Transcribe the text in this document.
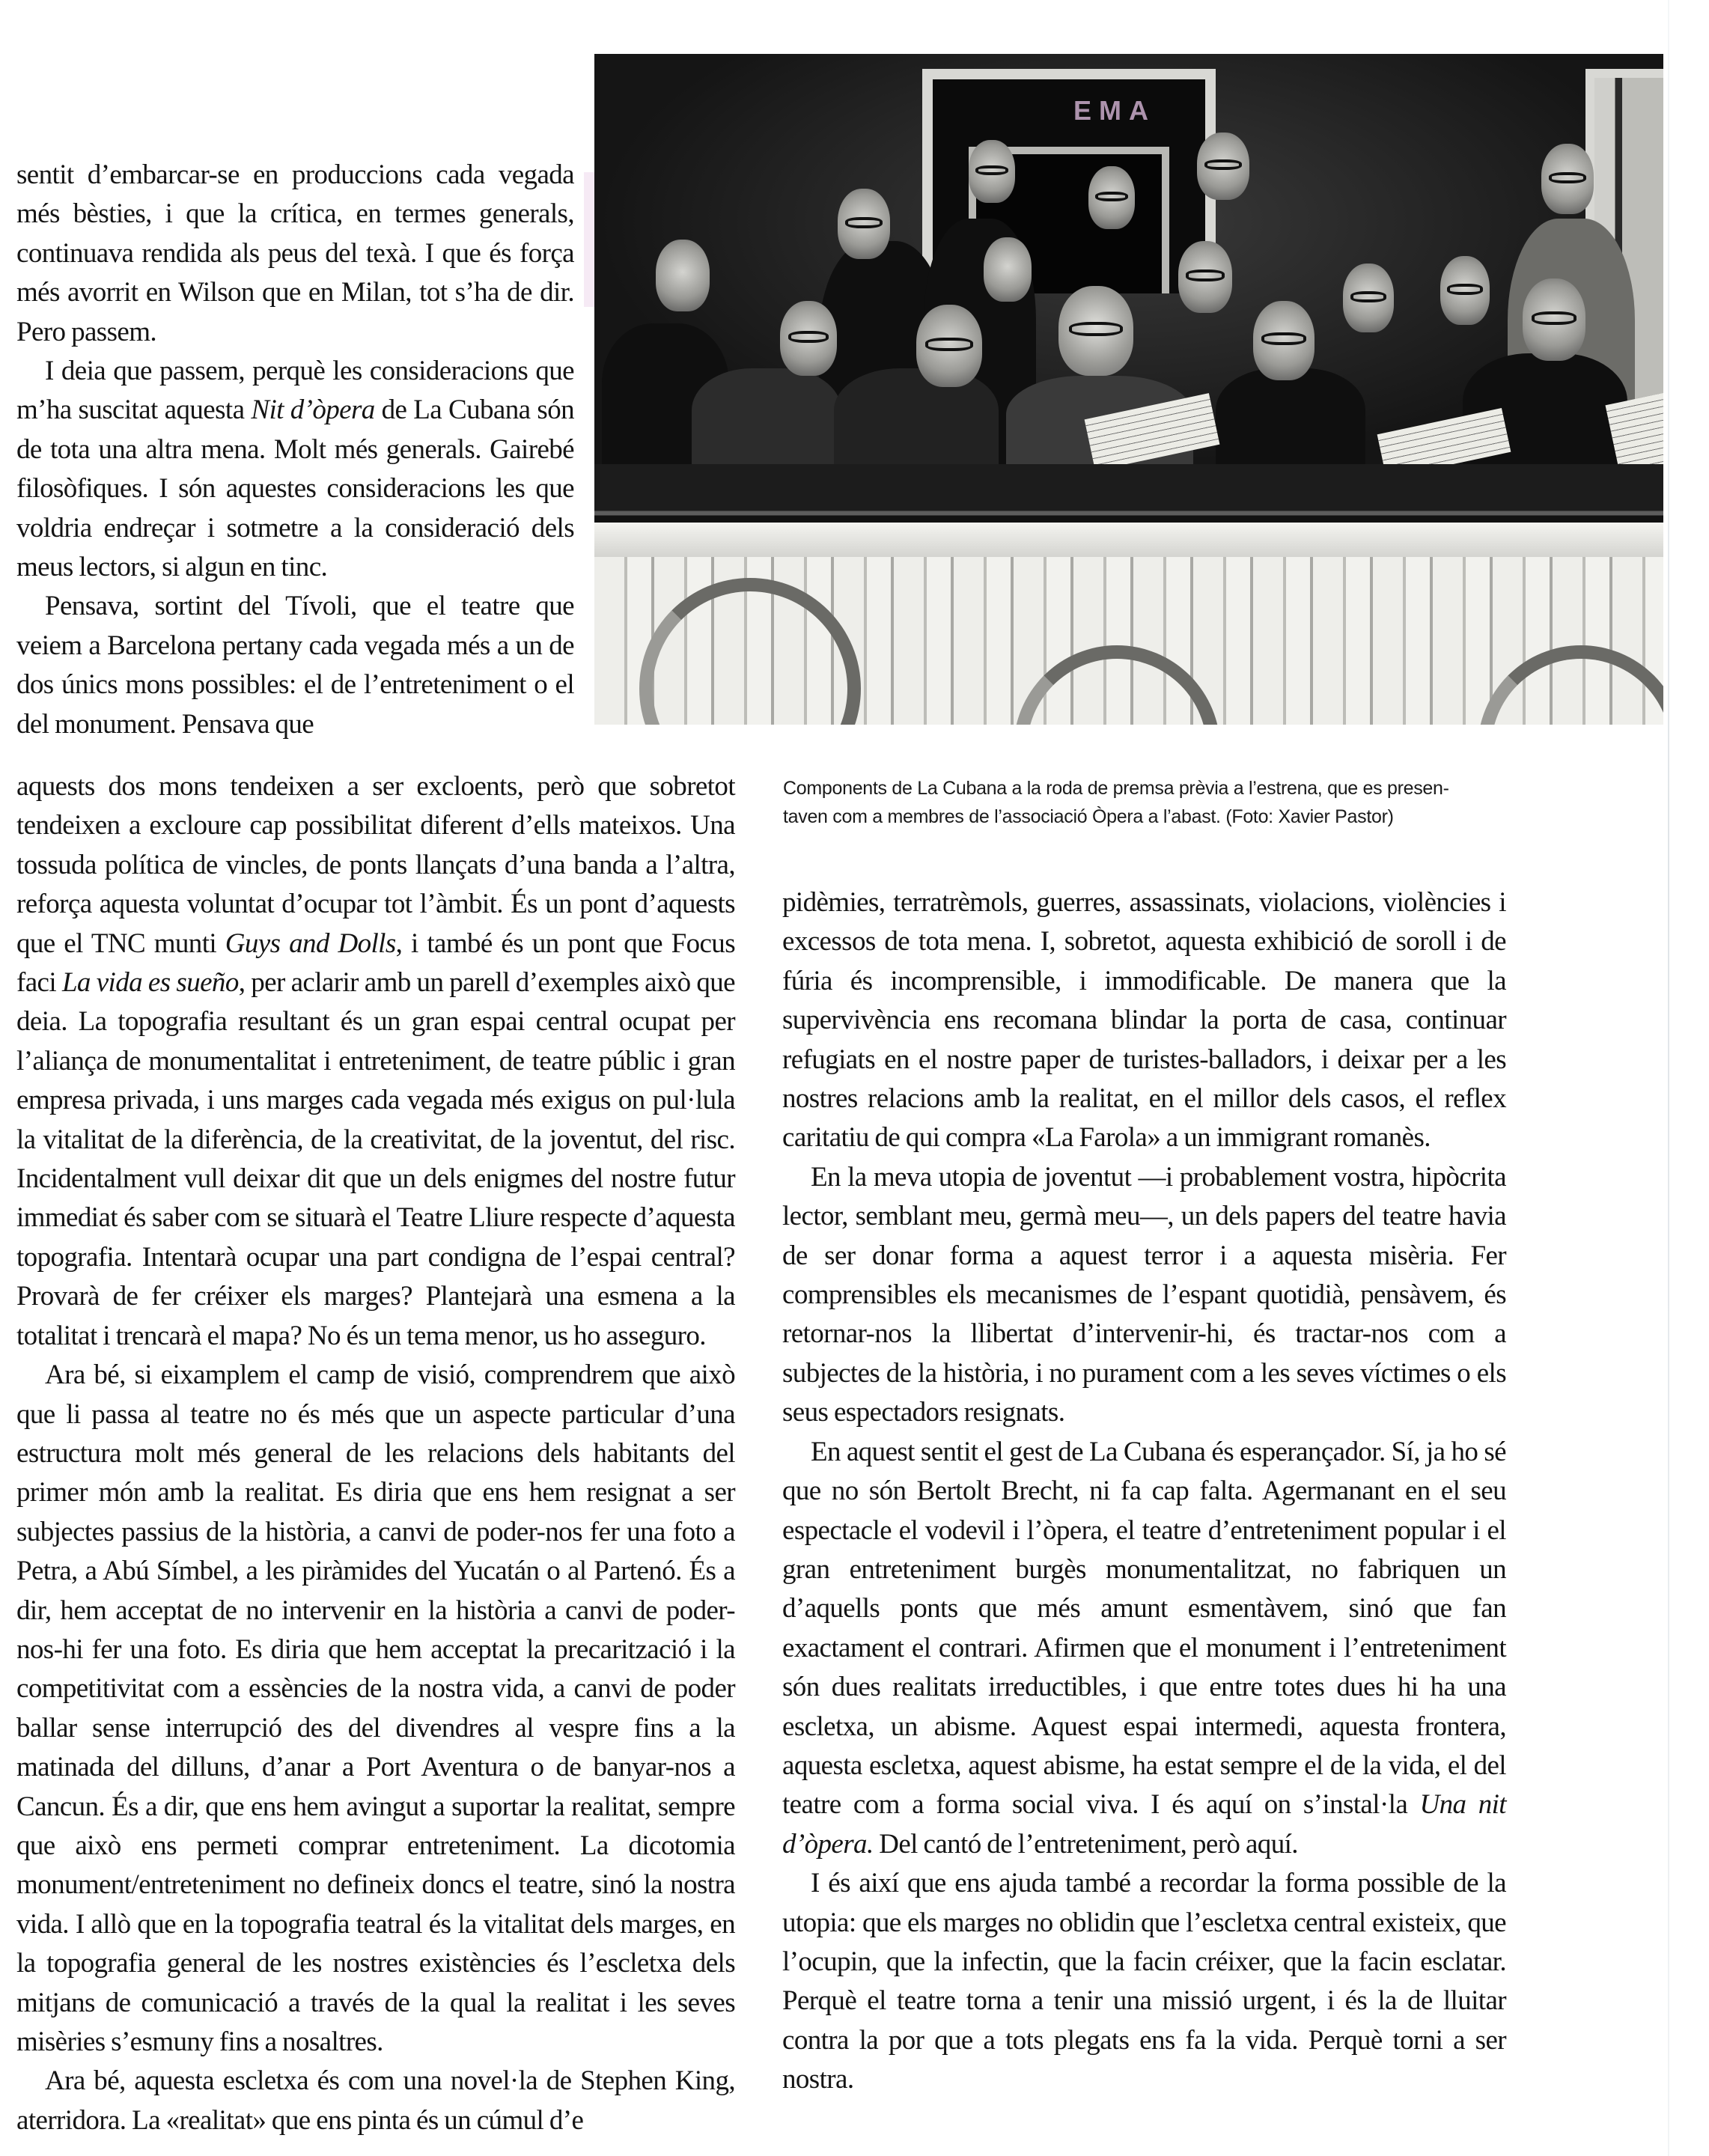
sentit d’embarcar-se en produccions cada vegada més bèsties, i que la crítica, en termes generals, continuava rendida als peus del texà. I que és força més avorrit en Wilson que en Milan, tot s’ha de dir. Pero passem.

I deia que passem, perquè les consideracions que m’ha suscitat aquesta Nit d’òpera de La Cubana són de tota una altra mena. Molt més generals. Gairebé filosòfiques. I són aquestes consideracions les que voldria endreçar i sotmetre a la consideració dels meus lectors, si algun en tinc.

Pensava, sortint del Tívoli, que el teatre que veiem a Barcelona pertany cada vegada més a un de dos únics mons possibles: el de l’entreteniment o el del monument. Pensava que

EMA

Components de La Cubana a la roda de premsa prèvia a l’estrena, que es presen-

taven com a membres de l’associació Òpera a l’abast. (Foto: Xavier Pastor)

aquests dos mons tendeixen a ser excloents, però que sobretot tendeixen a excloure cap possibilitat diferent d’ells mateixos. Una tossuda política de vincles, de ponts llançats d’una banda a l’altra, reforça aquesta voluntat d’ocupar tot l’àmbit. És un pont d’aquests que el TNC munti Guys and Dolls, i també és un pont que Focus faci La vida es sueño, per aclarir amb un parell d’exemples això que deia. La topografia resultant és un gran espai central ocupat per l’aliança de monumentalitat i entreteniment, de teatre públic i gran empresa privada, i uns marges cada vegada més exigus on pul·lula la vitalitat de la diferència, de la creativitat, de la joventut, del risc. Incidentalment vull deixar dit que un dels enigmes del nostre futur immediat és saber com se situarà el Teatre Lliure respecte d’aquesta topografia. Intentarà ocupar una part condigna de l’espai central? Provarà de fer créixer els marges? Plantejarà una esmena a la totalitat i trencarà el mapa? No és un tema menor, us ho asseguro.

Ara bé, si eixamplem el camp de visió, comprendrem que això que li passa al teatre no és més que un aspecte particular d’una estructura molt més general de les relacions dels habitants del primer món amb la realitat. Es diria que ens hem resignat a ser subjectes passius de la història, a canvi de poder-nos fer una foto a Petra, a Abú Símbel, a les piràmides del Yucatán o al Partenó. És a dir, hem acceptat de no intervenir en la història a canvi de poder-nos-hi fer una foto. Es diria que hem acceptat la precarització i la competitivitat com a essències de la nostra vida, a canvi de poder ballar sense interrupció des del divendres al vespre fins a la matinada del dilluns, d’anar a Port Aventura o de banyar-nos a Cancun. És a dir, que ens hem avingut a suportar la realitat, sempre que això ens permeti comprar entreteniment. La dicotomia monument/entreteniment no defineix doncs el teatre, sinó la nostra vida. I allò que en la topografia teatral és la vitalitat dels marges, en la topografia general de les nostres existències és l’escletxa dels mitjans de comunicació a través de la qual la realitat i les seves misèries s’esmuny fins a nosaltres.

Ara bé, aquesta escletxa és com una novel·la de Stephen King, aterridora. La «realitat» que ens pinta és un cúmul d’e

pidèmies, terratrèmols, guerres, assassinats, violacions, violències i excessos de tota mena. I, sobretot, aquesta exhibició de soroll i de fúria és incomprensible, i immodificable. De manera que la supervivència ens recomana blindar la porta de casa, continuar refugiats en el nostre paper de turistes-balladors, i deixar per a les nostres relacions amb la realitat, en el millor dels casos, el reflex caritatiu de qui compra «La Farola» a un immigrant romanès.

En la meva utopia de joventut —i probablement vostra, hipòcrita lector, semblant meu, germà meu—, un dels papers del teatre havia de ser donar forma a aquest terror i a aquesta misèria. Fer comprensibles els mecanismes de l’espant quotidià, pensàvem, és retornar-nos la llibertat d’intervenir-hi, és tractar-nos com a subjectes de la història, i no purament com a les seves víctimes o els seus espectadors resignats.

En aquest sentit el gest de La Cubana és esperançador. Sí, ja ho sé que no són Bertolt Brecht, ni fa cap falta. Agermanant en el seu espectacle el vodevil i l’òpera, el teatre d’entreteniment popular i el gran entreteniment burgès monumentalitzat, no fabriquen un d’aquells ponts que més amunt esmentàvem, sinó que fan exactament el contrari. Afirmen que el monument i l’entreteniment són dues realitats irreductibles, i que entre totes dues hi ha una escletxa, un abisme. Aquest espai intermedi, aquesta frontera, aquesta escletxa, aquest abisme, ha estat sempre el de la vida, el del teatre com a forma social viva. I és aquí on s’instal·la Una nit d’òpera. Del cantó de l’entreteniment, però aquí.

I és així que ens ajuda també a recordar la forma possible de la utopia: que els marges no oblidin que l’escletxa central existeix, que l’ocupin, que la infectin, que la facin créixer, que la facin esclatar. Perquè el teatre torna a tenir una missió urgent, i és la de lluitar contra la por que a tots plegats ens fa la vida. Perquè torni a ser nostra.
